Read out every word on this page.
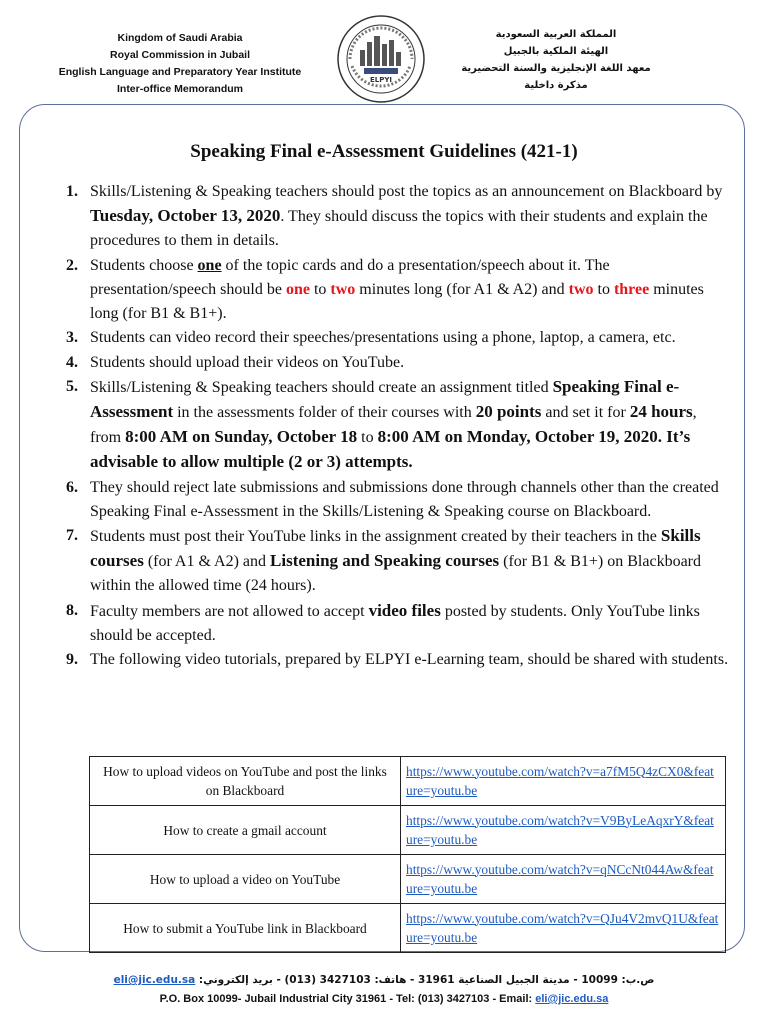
Kingdom of Saudi Arabia
Royal Commission in Jubail
English Language and Preparatory Year Institute
Inter-office Memorandum
ELPYI
المملكة العربية السعودية
الهيئة الملكية بالجبيل
معهد اللغة الإنجليزية والسنة التحضيرية
مذكرة داخلية
Speaking Final e-Assessment Guidelines (421-1)
1. Skills/Listening & Speaking teachers should post the topics as an announcement on Blackboard by Tuesday, October 13, 2020. They should discuss the topics with their students and explain the procedures to them in details.
2. Students choose one of the topic cards and do a presentation/speech about it. The presentation/speech should be one to two minutes long (for A1 & A2) and two to three minutes long (for B1 & B1+).
3. Students can video record their speeches/presentations using a phone, laptop, a camera, etc.
4. Students should upload their videos on YouTube.
5. Skills/Listening & Speaking teachers should create an assignment titled Speaking Final e-Assessment in the assessments folder of their courses with 20 points and set it for 24 hours, from 8:00 AM on Sunday, October 18 to 8:00 AM on Monday, October 19, 2020. It’s advisable to allow multiple (2 or 3) attempts.
6. They should reject late submissions and submissions done through channels other than the created Speaking Final e-Assessment in the Skills/Listening & Speaking course on Blackboard.
7. Students must post their YouTube links in the assignment created by their teachers in the Skills courses (for A1 & A2) and Listening and Speaking courses (for B1 & B1+) on Blackboard within the allowed time (24 hours).
8. Faculty members are not allowed to accept video files posted by students. Only YouTube links should be accepted.
9. The following video tutorials, prepared by ELPYI e-Learning team, should be shared with students.
How to upload videos on YouTube and post the links on Blackboard	https://www.youtube.com/watch?v=a7fM5Q4zCX0&feature=youtu.be
How to create a gmail account	https://www.youtube.com/watch?v=V9ByLeAqxrY&feature=youtu.be
How to upload a video on YouTube	https://www.youtube.com/watch?v=qNCcNt044Aw&feature=youtu.be
How to submit a YouTube link in Blackboard	https://www.youtube.com/watch?v=QJu4V2mvQ1U&feature=youtu.be
ص.ب: 10099 - مدينة الجبيل الصناعية 31961 - هاتف: 3427103 (013) - بريد إلكتروني: eli@jic.edu.sa
P.O. Box 10099- Jubail Industrial City 31961 - Tel: (013) 3427103 - Email: eli@jic.edu.sa
